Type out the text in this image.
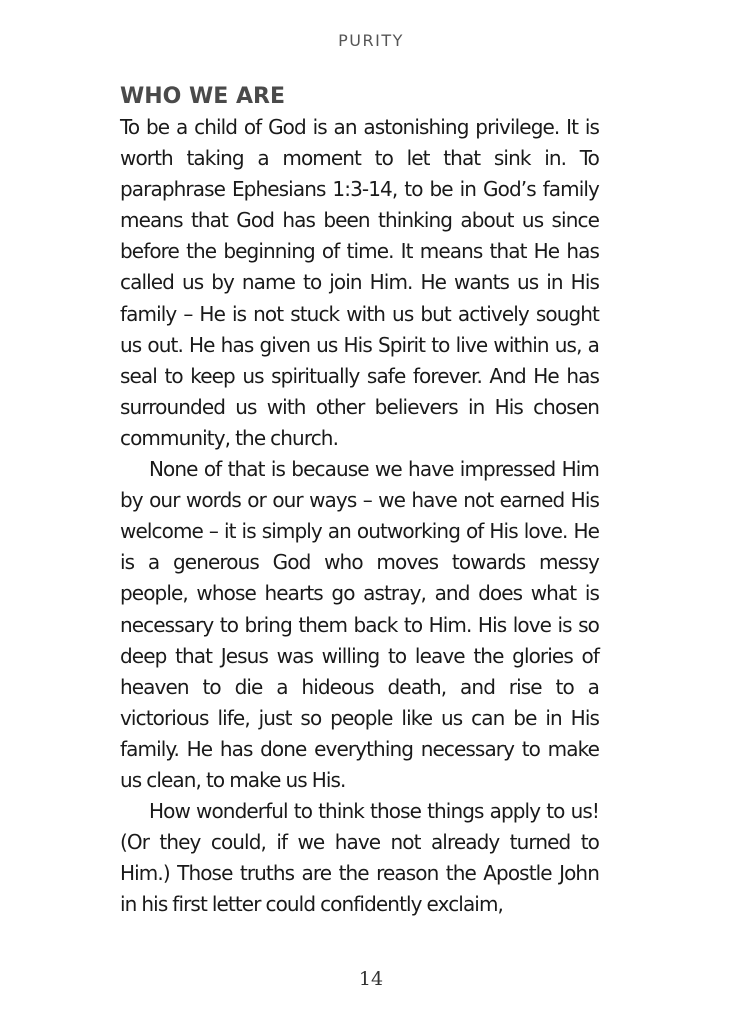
PURITY
WHO WE ARE

To be a child of God is an astonishing privilege. It is worth taking a moment to let that sink in. To paraphrase Ephesians 1:3-14, to be in God’s family means that God has been thinking about us since before the beginning of time. It means that He has called us by name to join Him. He wants us in His family – He is not stuck with us but actively sought us out. He has given us His Spirit to live within us, a seal to keep us spiritually safe forever. And He has surrounded us with other believers in His chosen community, the church.

None of that is because we have impressed Him by our words or our ways – we have not earned His welcome – it is simply an outworking of His love. He is a generous God who moves towards messy people, whose hearts go astray, and does what is necessary to bring them back to Him. His love is so deep that Jesus was willing to leave the glories of heaven to die a hideous death, and rise to a victorious life, just so people like us can be in His family. He has done everything necessary to make us clean, to make us His.

How wonderful to think those things apply to us! (Or they could, if we have not already turned to Him.) Those truths are the reason the Apostle John in his first letter could confidently exclaim,

14
